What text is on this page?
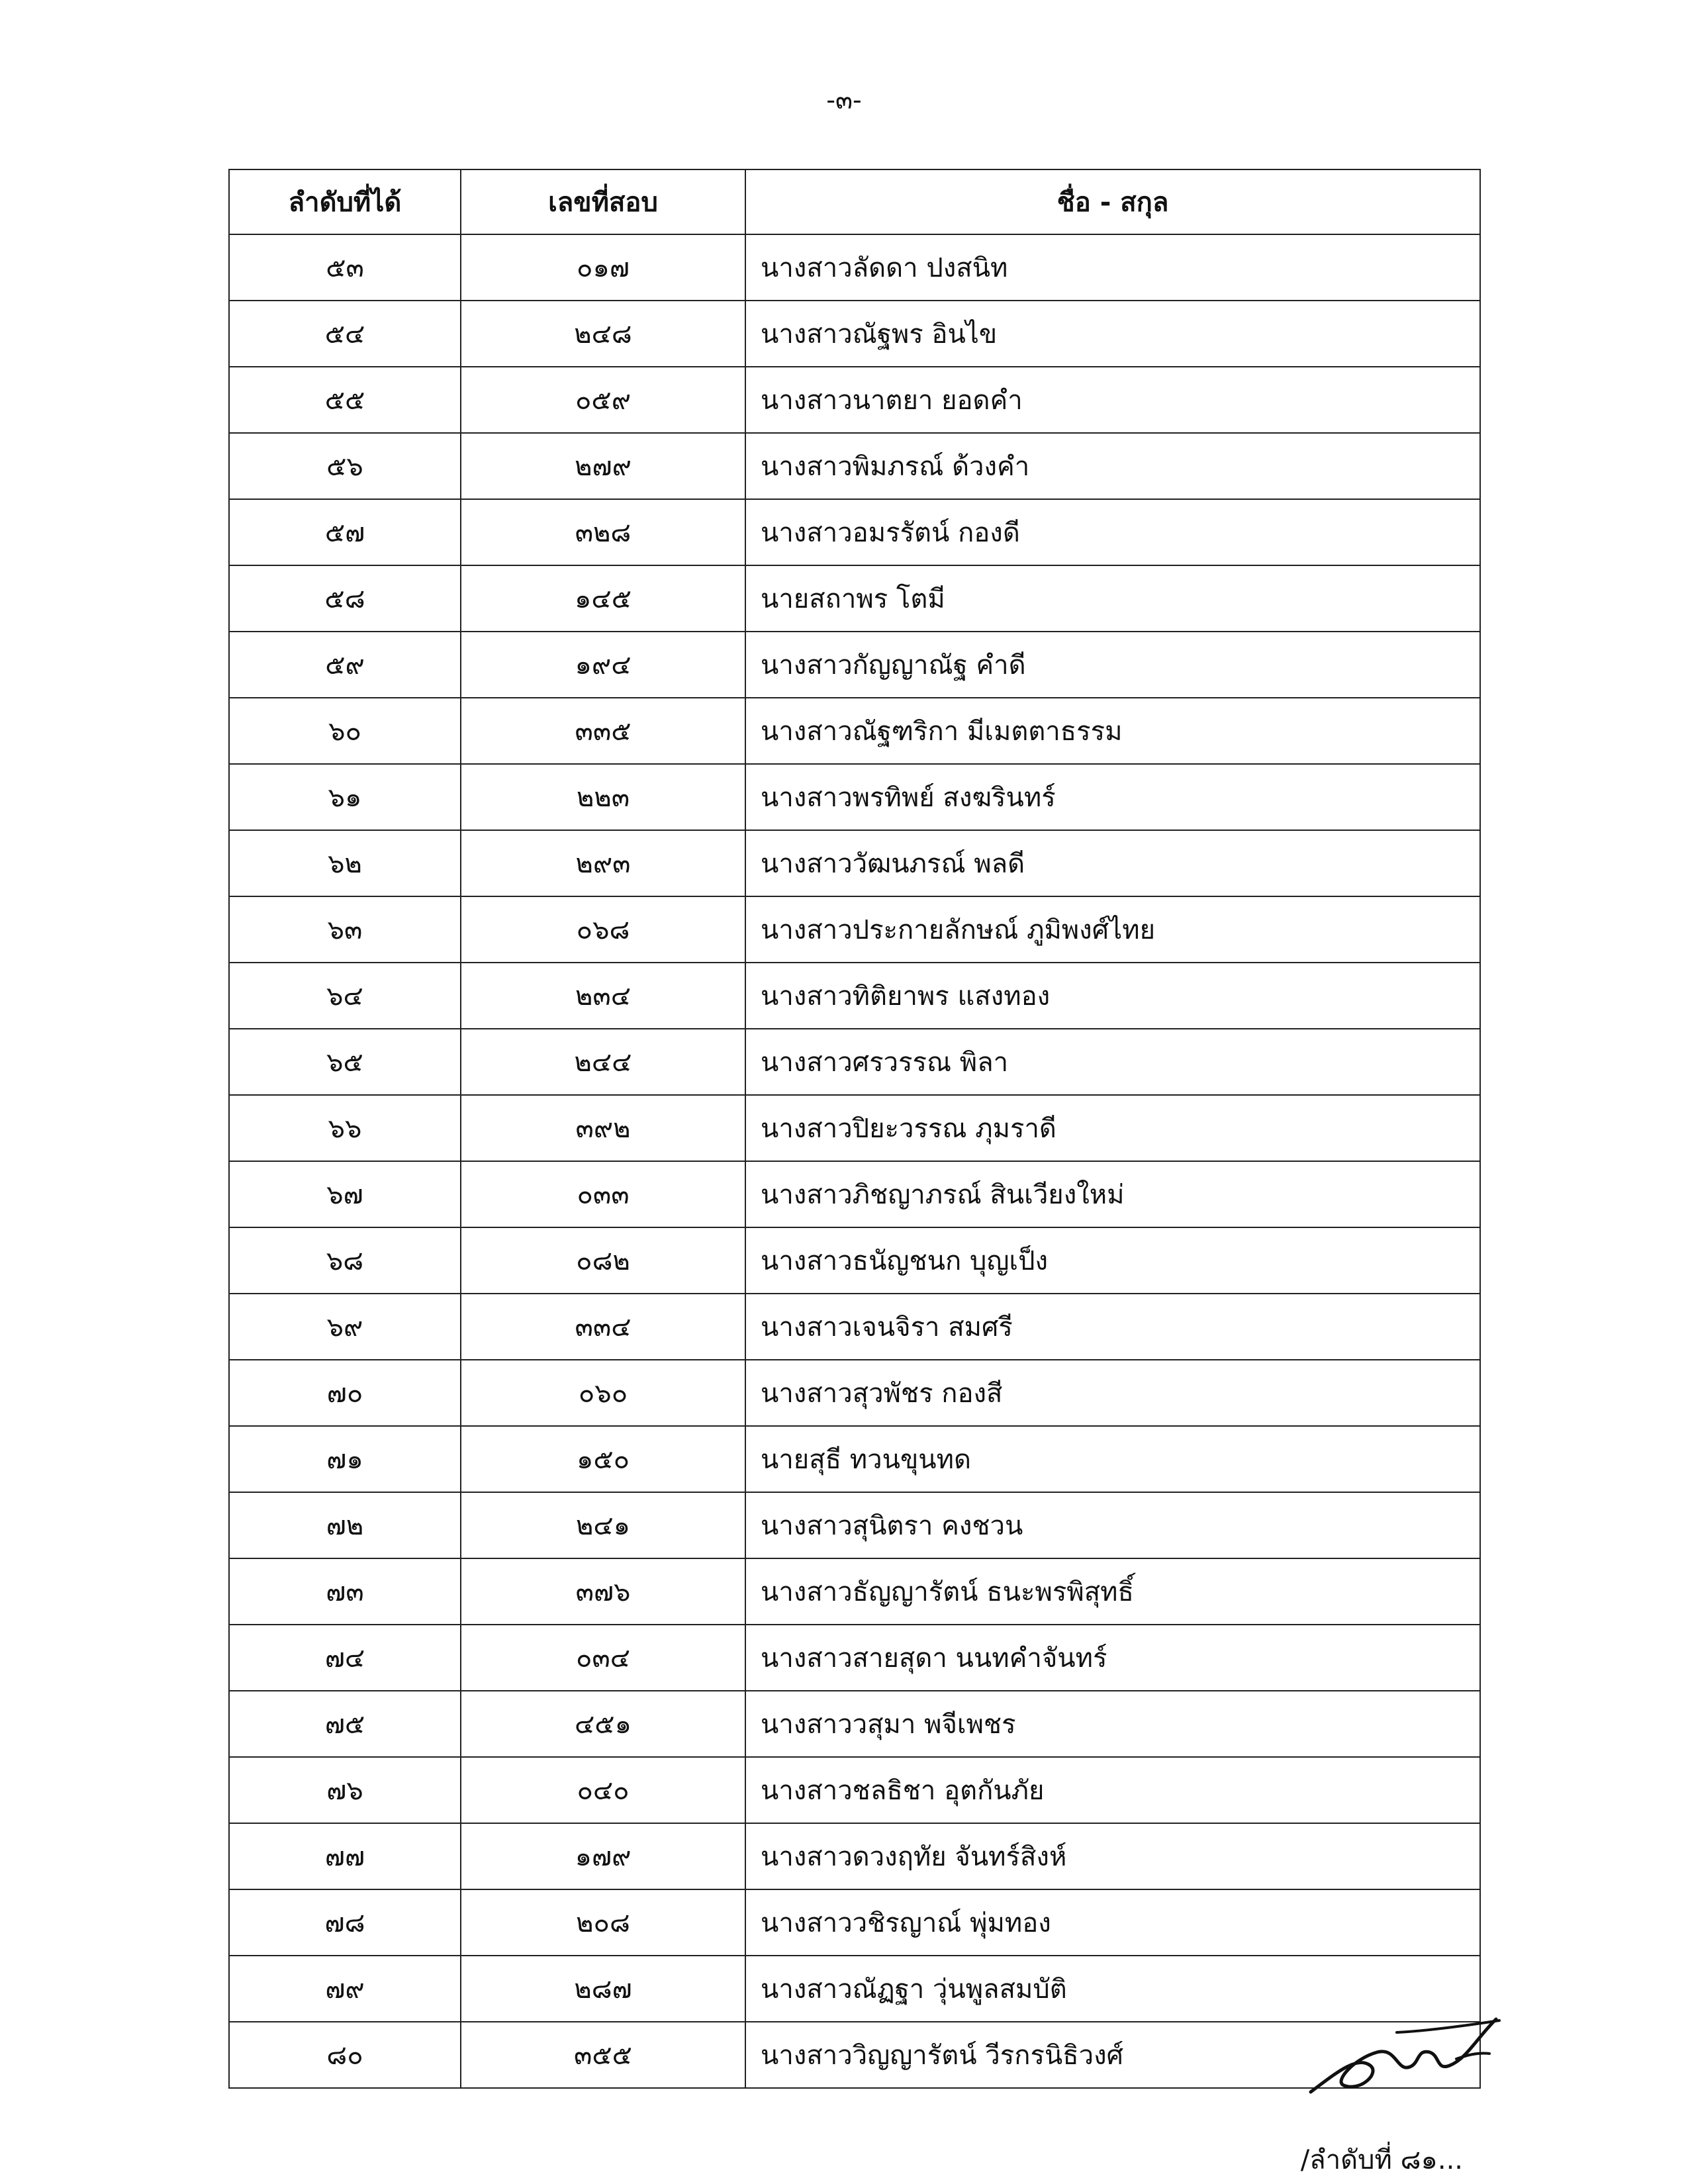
-๓-
ลำดับที่ได้	เลขที่สอบ	ชื่อ - สกุล
๕๓	๐๑๗	นางสาวลัดดา ปงสนิท
๕๔	๒๔๘	นางสาวณัฐพร อินไข
๕๕	๐๕๙	นางสาวนาตยา ยอดคำ
๕๖	๒๗๙	นางสาวพิมภรณ์ ด้วงคำ
๕๗	๓๒๘	นางสาวอมรรัตน์ กองดี
๕๘	๑๔๕	นายสถาพร โตมี
๕๙	๑๙๔	นางสาวกัญญาณัฐ คำดี
๖๐	๓๓๕	นางสาวณัฐฑริกา มีเมตตาธรรม
๖๑	๒๒๓	นางสาวพรทิพย์ สงฆรินทร์
๖๒	๒๙๓	นางสาววัฒนภรณ์ พลดี
๖๓	๐๖๘	นางสาวประกายลักษณ์ ภูมิพงศ์ไทย
๖๔	๒๓๔	นางสาวทิติยาพร แสงทอง
๖๕	๒๔๔	นางสาวศรวรรณ พิลา
๖๖	๓๙๒	นางสาวปิยะวรรณ ภุมราดี
๖๗	๐๓๓	นางสาวภิชญาภรณ์ สินเวียงใหม่
๖๘	๐๘๒	นางสาวธนัญชนก บุญเป็ง
๖๙	๓๓๔	นางสาวเจนจิรา สมศรี
๗๐	๐๖๐	นางสาวสุวพัชร กองสี
๗๑	๑๕๐	นายสุธี ทวนขุนทด
๗๒	๒๔๑	นางสาวสุนิตรา คงชวน
๗๓	๓๗๖	นางสาวธัญญารัตน์ ธนะพรพิสุทธิ์
๗๔	๐๓๔	นางสาวสายสุดา นนทคำจันทร์
๗๕	๔๕๑	นางสาววสุมา พจีเพชร
๗๖	๐๔๐	นางสาวชลธิชา อุตกันภัย
๗๗	๑๗๙	นางสาวดวงฤทัย จันทร์สิงห์
๗๘	๒๐๘	นางสาววชิรญาณ์ พุ่มทอง
๗๙	๒๘๗	นางสาวณัฏฐา วุ่นพูลสมบัติ
๘๐	๓๕๕	นางสาววิญญารัตน์ วีรกรนิธิวงศ์
/ลำดับที่ ๘๑...
